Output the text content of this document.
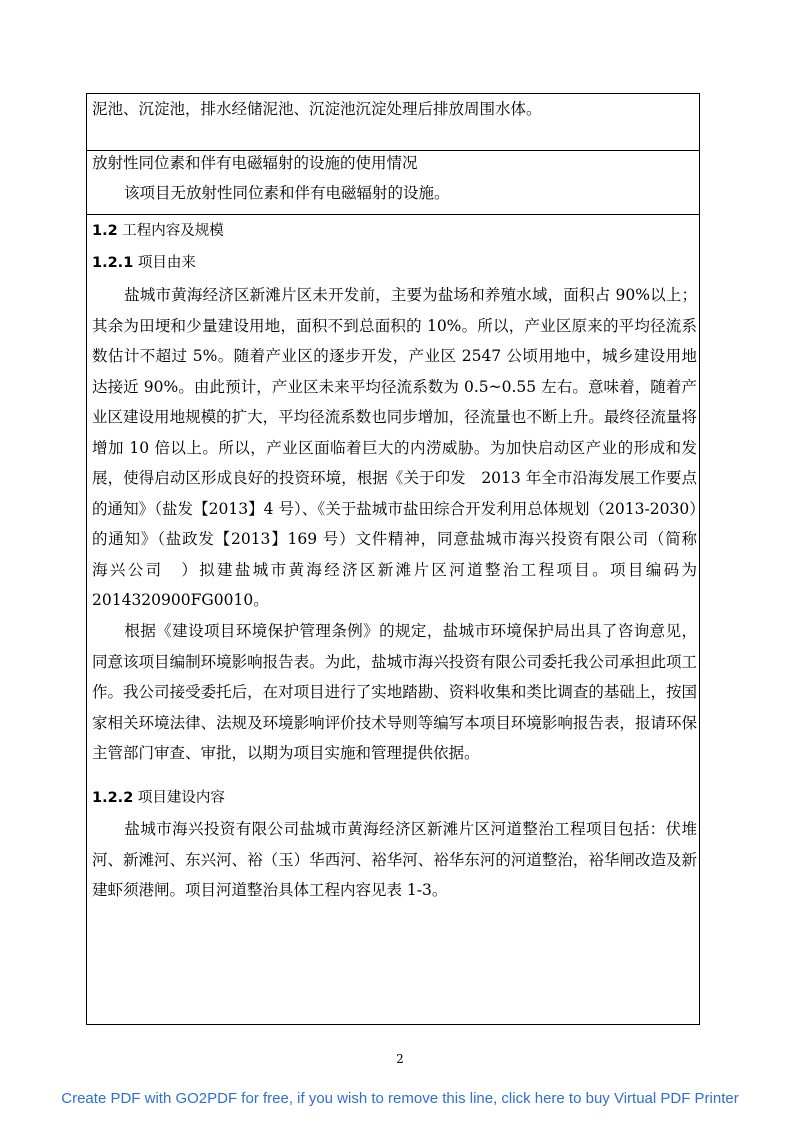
泥池、沉淀池，排水经储泥池、沉淀池沉淀处理后排放周围水体。
放射性同位素和伴有电磁辐射的设施的使用情况
该项目无放射性同位素和伴有电磁辐射的设施。
1.2 工程内容及规模
1.2.1 项目由来
盐城市黄海经济区新滩片区未开发前，主要为盐场和养殖水域，面积占 90%以上；其余为田埂和少量建设用地，面积不到总面积的 10%。所以，产业区原来的平均径流系数估计不超过 5%。随着产业区的逐步开发，产业区 2547 公顷用地中，城乡建设用地达接近 90%。由此预计，产业区未来平均径流系数为 0.5~0.55 左右。意味着，随着产业区建设用地规模的扩大，平均径流系数也同步增加，径流量也不断上升。最终径流量将增加 10 倍以上。所以，产业区面临着巨大的内涝威胁。为加快启动区产业的形成和发展，使得启动区形成良好的投资环境，根据《关于印发　2013 年全市沿海发展工作要点　的通知》（盐发【2013】4 号）、《关于盐城市盐田综合开发利用总体规划（2013-2030）的通知》（盐政发【2013】169 号）文件精神，同意盐城市海兴投资有限公司（简称　海兴公司　）拟建盐城市黄海经济区新滩片区河道整治工程项目。项目编码为 2014320900FG0010。
根据《建设项目环境保护管理条例》的规定，盐城市环境保护局出具了咨询意见，同意该项目编制环境影响报告表。为此，盐城市海兴投资有限公司委托我公司承担此项工作。我公司接受委托后，在对项目进行了实地踏勘、资料收集和类比调查的基础上，按国家相关环境法律、法规及环境影响评价技术导则等编写本项目环境影响报告表，报请环保主管部门审查、审批，以期为项目实施和管理提供依据。
1.2.2 项目建设内容
盐城市海兴投资有限公司盐城市黄海经济区新滩片区河道整治工程项目包括：伏堆河、新滩河、东兴河、裕（玉）华西河、裕华河、裕华东河的河道整治，裕华闸改造及新建虾须港闸。项目河道整治具体工程内容见表 1-3。
2
Create PDF with GO2PDF for free, if you wish to remove this line, click here to buy Virtual PDF Printer
